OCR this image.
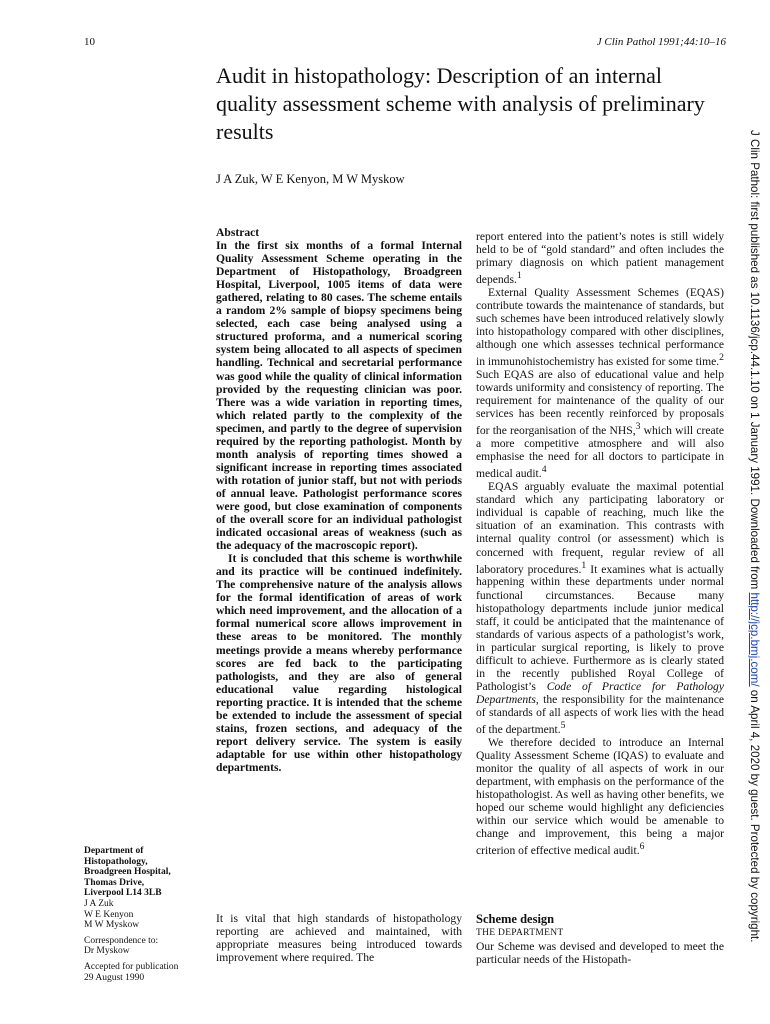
10	J Clin Pathol 1991;44:10–16
Audit in histopathology: Description of an internal quality assessment scheme with analysis of preliminary results
J A Zuk, W E Kenyon, M W Myskow
Abstract

In the first six months of a formal Internal Quality Assessment Scheme operating in the Department of Histopathology, Broadgreen Hospital, Liverpool, 1005 items of data were gathered, relating to 80 cases. The scheme entails a random 2% sample of biopsy specimens being selected, each case being analysed using a structured proforma, and a numerical scoring system being allocated to all aspects of specimen handling. Technical and secretarial performance was good while the quality of clinical information provided by the requesting clinician was poor. There was a wide variation in reporting times, which related partly to the complexity of the specimen, and partly to the degree of supervision required by the reporting pathologist. Month by month analysis of reporting times showed a significant increase in reporting times associated with rotation of junior staff, but not with periods of annual leave. Pathologist performance scores were good, but close examination of components of the overall score for an individual pathologist indicated occasional areas of weakness (such as the adequacy of the macroscopic report).

It is concluded that this scheme is worthwhile and its practice will be continued indefinitely. The comprehensive nature of the analysis allows for the formal identification of areas of work which need improvement, and the allocation of a formal numerical score allows improvement in these areas to be monitored. The monthly meetings provide a means whereby performance scores are fed back to the participating pathologists, and they are also of general educational value regarding histological reporting practice. It is intended that the scheme be extended to include the assessment of special stains, frozen sections, and adequacy of the report delivery service. The system is easily adaptable for use within other histopathology departments.

report entered into the patient’s notes is still widely held to be of “gold standard” and often includes the primary diagnosis on which patient management depends.$^1$

External Quality Assessment Schemes (EQAS) contribute towards the maintenance of standards, but such schemes have been introduced relatively slowly into histopathology compared with other disciplines, although one which assesses technical performance in immunohistochemistry has existed for some time.$^2$ Such EQAS are also of educational value and help towards uniformity and consistency of reporting. The requirement for maintenance of the quality of our services has been recently reinforced by proposals for the reorganisation of the NHS,$^3$ which will create a more competitive atmosphere and will also emphasise the need for all doctors to participate in medical audit.$^4$

EQAS arguably evaluate the maximal potential standard which any participating laboratory or individual is capable of reaching, much like the situation of an examination. This contrasts with internal quality control (or assessment) which is concerned with frequent, regular review of all laboratory procedures.$^1$ It examines what is actually happening within these departments under normal functional circumstances. Because many histopathology departments include junior medical staff, it could be anticipated that the maintenance of standards of various aspects of a pathologist’s work, in particular surgical reporting, is likely to prove difficult to achieve. Furthermore as is clearly stated in the recently published Royal College of Pathologist’s Code of Practice for Pathology Departments, the responsibility for the maintenance of standards of all aspects of work lies with the head of the department.$^5$

We therefore decided to introduce an Internal Quality Assessment Scheme (IQAS) to evaluate and monitor the quality of all aspects of work in our department, with emphasis on the performance of the histopathologist. As well as having other benefits, we hoped our scheme would highlight any deficiencies within our service which would be amenable to change and improvement, this being a major criterion of effective medical audit.$^6$

It is vital that high standards of histopathology reporting are achieved and maintained, with appropriate measures being introduced towards improvement where required. The

Scheme design
THE DEPARTMENT

Our Scheme was devised and developed to meet the particular needs of the Histopath-

Department of
Histopathology,
Broadgreen Hospital,
Thomas Drive,
Liverpool L14 3LB
J A Zuk
W E Kenyon
M W Myskow
Correspondence to:
Dr Myskow
Accepted for publication
29 August 1990
J Clin Pathol: first published as 10.1136/jcp.44.1.10 on 1 January 1991. Downloaded from http://jcp.bmj.com/ on April 4, 2020 by guest. Protected by copyright.
